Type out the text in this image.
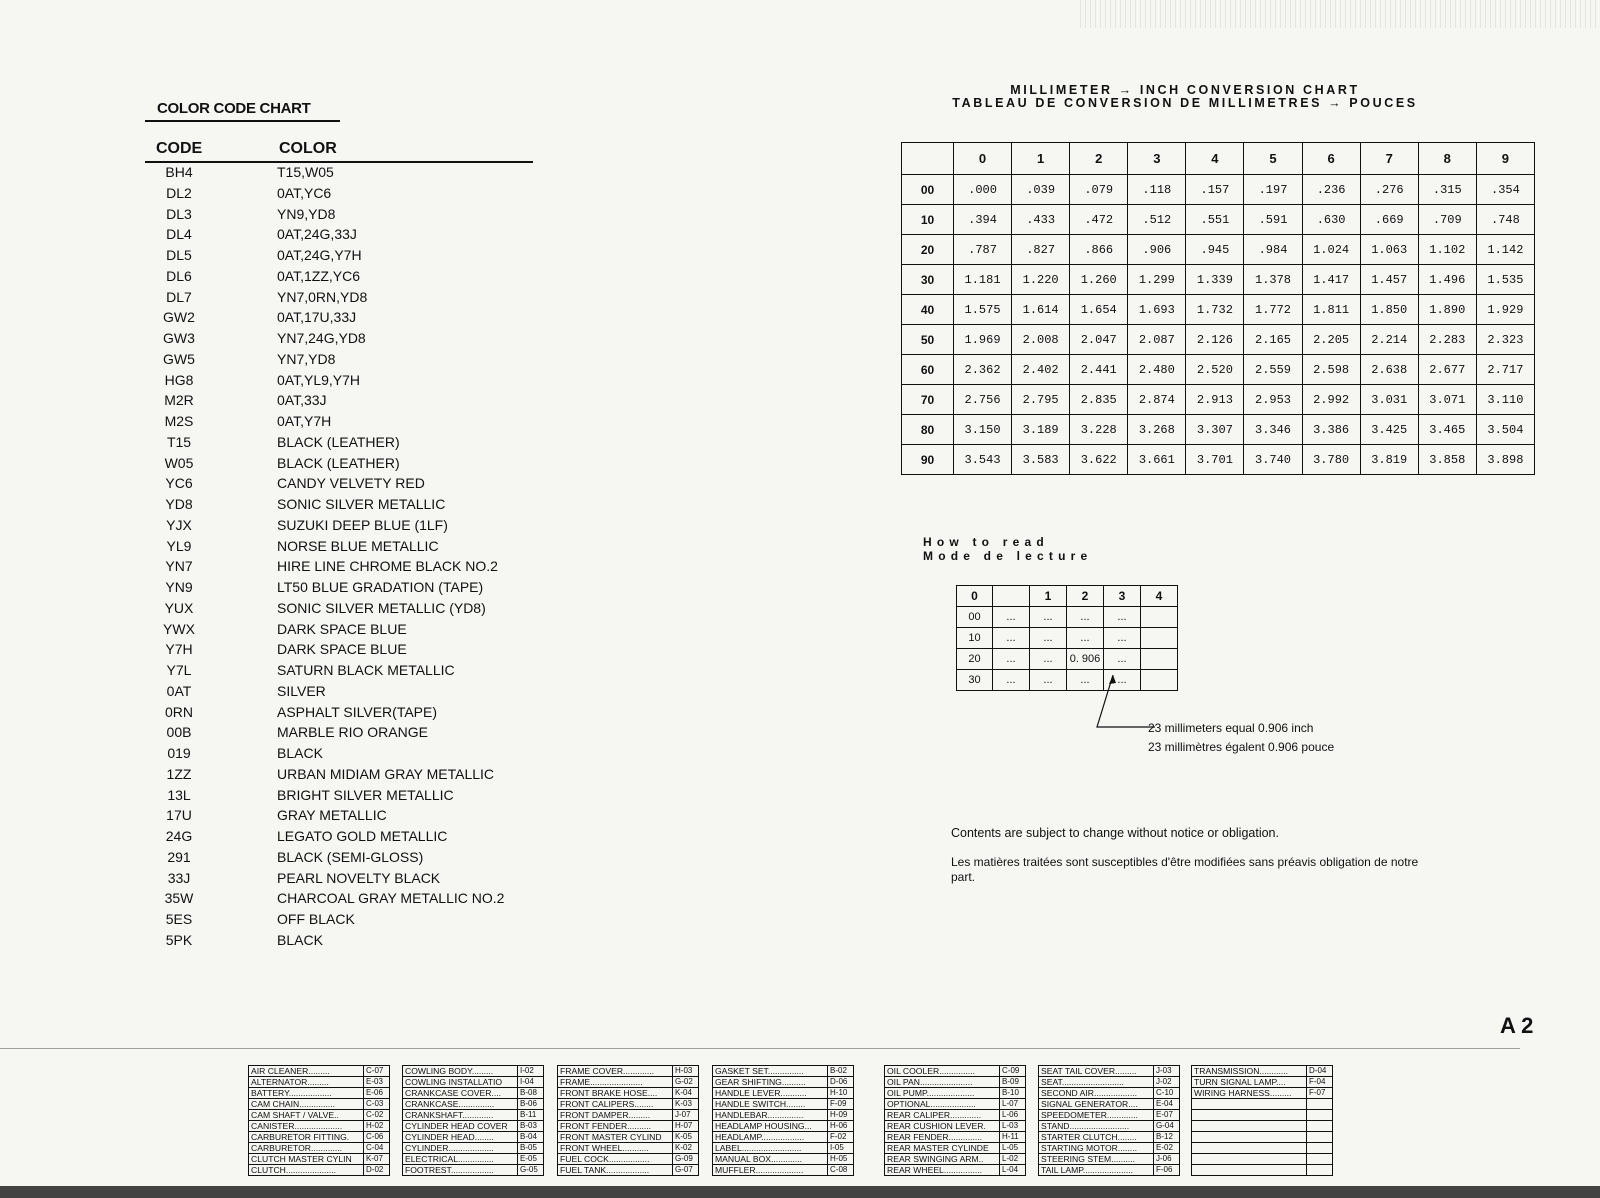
COLOR CODE CHART
CODE	COLOR
BH4	T15,W05
DL2	0AT,YC6
DL3	YN9,YD8
DL4	0AT,24G,33J
DL5	0AT,24G,Y7H
DL6	0AT,1ZZ,YC6
DL7	YN7,0RN,YD8
GW2	0AT,17U,33J
GW3	YN7,24G,YD8
GW5	YN7,YD8
HG8	0AT,YL9,Y7H
M2R	0AT,33J
M2S	0AT,Y7H
T15	BLACK (LEATHER)
W05	BLACK (LEATHER)
YC6	CANDY VELVETY RED
YD8	SONIC SILVER METALLIC
YJX	SUZUKI DEEP BLUE (1LF)
YL9	NORSE BLUE METALLIC
YN7	HIRE LINE CHROME BLACK NO.2
YN9	LT50 BLUE GRADATION (TAPE)
YUX	SONIC SILVER METALLIC (YD8)
YWX	DARK SPACE BLUE
Y7H	DARK SPACE BLUE
Y7L	SATURN BLACK METALLIC
0AT	SILVER
0RN	ASPHALT SILVER(TAPE)
00B	MARBLE RIO ORANGE
019	BLACK
1ZZ	URBAN MIDIAM GRAY METALLIC
13L	BRIGHT SILVER METALLIC
17U	GRAY METALLIC
24G	LEGATO GOLD METALLIC
291	BLACK (SEMI-GLOSS)
33J	PEARL NOVELTY BLACK
35W	CHARCOAL GRAY METALLIC NO.2
5ES	OFF BLACK
5PK	BLACK
MILLIMETER → INCH CONVERSION CHART
TABLEAU DE CONVERSION DE MILLIMETRES → POUCES
	0	1	2	3	4	5	6	7	8	9
00	.000	.039	.079	.118	.157	.197	.236	.276	.315	.354
10	.394	.433	.472	.512	.551	.591	.630	.669	.709	.748
20	.787	.827	.866	.906	.945	.984	1.024	1.063	1.102	1.142
30	1.181	1.220	1.260	1.299	1.339	1.378	1.417	1.457	1.496	1.535
40	1.575	1.614	1.654	1.693	1.732	1.772	1.811	1.850	1.890	1.929
50	1.969	2.008	2.047	2.087	2.126	2.165	2.205	2.214	2.283	2.323
60	2.362	2.402	2.441	2.480	2.520	2.559	2.598	2.638	2.677	2.717
70	2.756	2.795	2.835	2.874	2.913	2.953	2.992	3.031	3.071	3.110
80	3.150	3.189	3.228	3.268	3.307	3.346	3.386	3.425	3.465	3.504
90	3.543	3.583	3.622	3.661	3.701	3.740	3.780	3.819	3.858	3.898
How to read
Mode de lecture
0		1	2	3	4
00	...	...	...	...	
10	...	...	...	...	
20	...	...	0. 906	...	
30	...	...	...	...	
23 millimeters equal 0.906 inch
23 millimètres égalent 0.906 pouce
Contents are subject to change without notice or obligation.
Les matières traitées sont susceptibles d'être modifiées sans préavis obligation de notre part.
A 2
AIR CLEANER.........	C-07
ALTERNATOR.........	E-03
BATTERY..................	E-06
CAM CHAIN...............	C-03
CAM SHAFT / VALVE..	C-02
CANISTER....................	H-02
CARBURETOR FITTING.	C-06
CARBURETOR.............	C-04
CLUTCH MASTER CYLIN	K-07
CLUTCH.....................	D-02
COWLING BODY.........	I-02
COWLING INSTALLATIO	I-04
CRANKCASE COVER....	B-08
CRANKCASE...............	B-06
CRANKSHAFT.............	B-11
CYLINDER HEAD COVER	B-03
CYLINDER HEAD........	B-04
CYLINDER...................	B-05
ELECTRICAL...............	E-05
FOOTREST..................	G-05
FRAME COVER.............	H-03
FRAME......................	G-02
FRONT BRAKE HOSE....	K-04
FRONT CALIPERS........	K-03
FRONT DAMPER.........	J-07
FRONT FENDER..........	H-07
FRONT MASTER CYLIND	K-05
FRONT WHEEL...........	K-02
FUEL COCK.................	G-09
FUEL TANK..................	G-07
GASKET SET...............	B-02
GEAR SHIFTING..........	D-06
HANDLE LEVER...........	H-10
HANDLE SWITCH........	F-09
HANDLEBAR...............	H-09
HEADLAMP HOUSING...	H-06
HEADLAMP..................	F-02
LABEL.........................	I-05
MANUAL BOX.............	H-05
MUFFLER....................	C-08
OIL COOLER...............	C-09
OIL PAN......................	B-09
OIL PUMP....................	B-10
OPTIONAL...................	L-07
REAR CALIPER.............	L-06
REAR CUSHION LEVER.	L-03
REAR FENDER..............	H-11
REAR MASTER CYLINDE	L-05
REAR SWINGING ARM..	L-02
REAR WHEEL................	L-04
SEAT TAIL COVER.........	J-03
SEAT..........................	J-02
SECOND AIR..................	C-10
SIGNAL GENERATOR....	E-04
SPEEDOMETER.............	E-07
STAND.........................	G-04
STARTER CLUTCH........	B-12
STARTING MOTOR........	E-02
STEERING STEM..........	J-06
TAIL LAMP.....................	F-06
TRANSMISSION............	D-04
TURN SIGNAL LAMP....	F-04
WIRING HARNESS.........	F-07
